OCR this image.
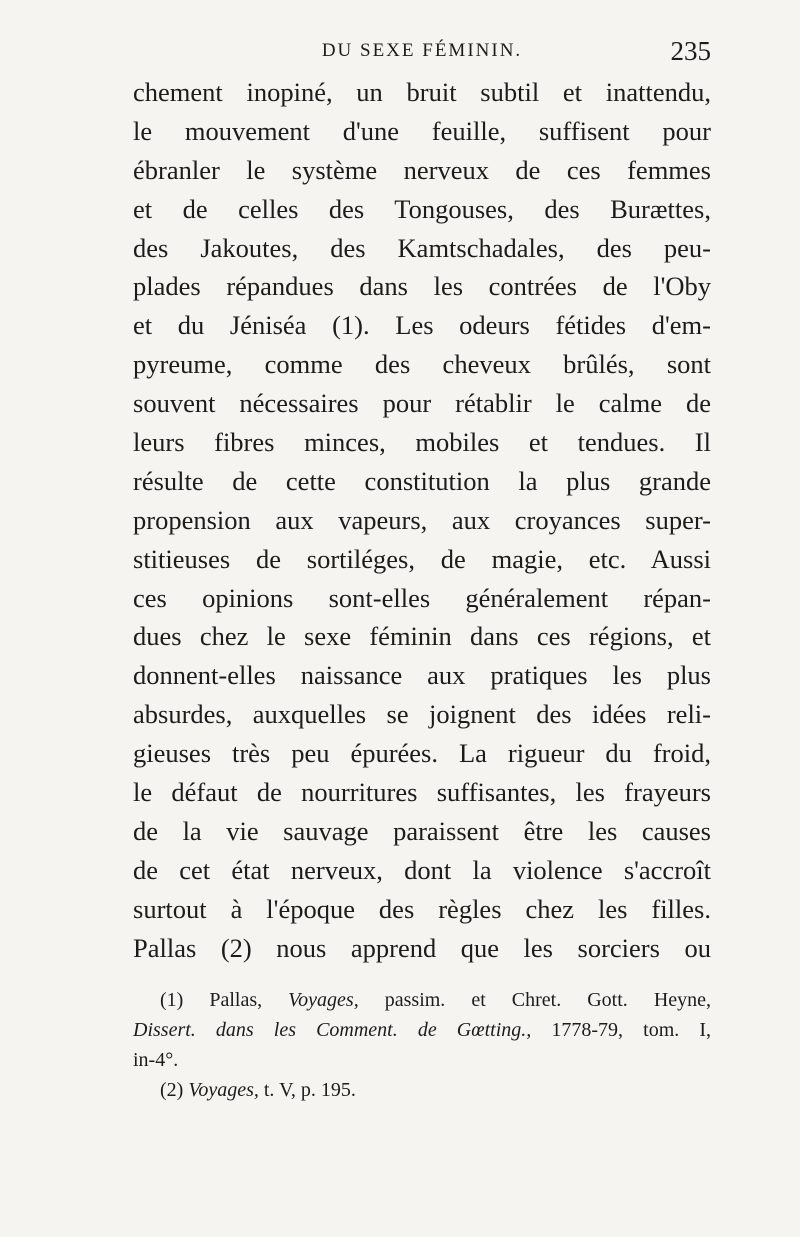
DU SEXE FÉMININ.	235
chement inopiné, un bruit subtil et inattendu,
le mouvement d'une feuille, suffisent pour
ébranler le système nerveux de ces femmes
et de celles des Tongouses, des Burættes,
des Jakoutes, des Kamtschadales, des peu-
plades répandues dans les contrées de l'Oby
et du Jéniséa (1). Les odeurs fétides d'em-
pyreume, comme des cheveux brûlés, sont
souvent nécessaires pour rétablir le calme de
leurs fibres minces, mobiles et tendues. Il
résulte de cette constitution la plus grande
propension aux vapeurs, aux croyances super-
stitieuses de sortiléges, de magie, etc. Aussi
ces opinions sont-elles généralement répan-
dues chez le sexe féminin dans ces régions, et
donnent-elles naissance aux pratiques les plus
absurdes, auxquelles se joignent des idées reli-
gieuses très peu épurées. La rigueur du froid,
le défaut de nourritures suffisantes, les frayeurs
de la vie sauvage paraissent être les causes
de cet état nerveux, dont la violence s'accroît
surtout à l'époque des règles chez les filles.
Pallas (2) nous apprend que les sorciers ou
(1) Pallas, Voyages, passim. et Chret. Gott. Heyne,
Dissert. dans les Comment. de Gœtting., 1778-79, tom. I,
in-4°.
(2) Voyages, t. V, p. 195.
